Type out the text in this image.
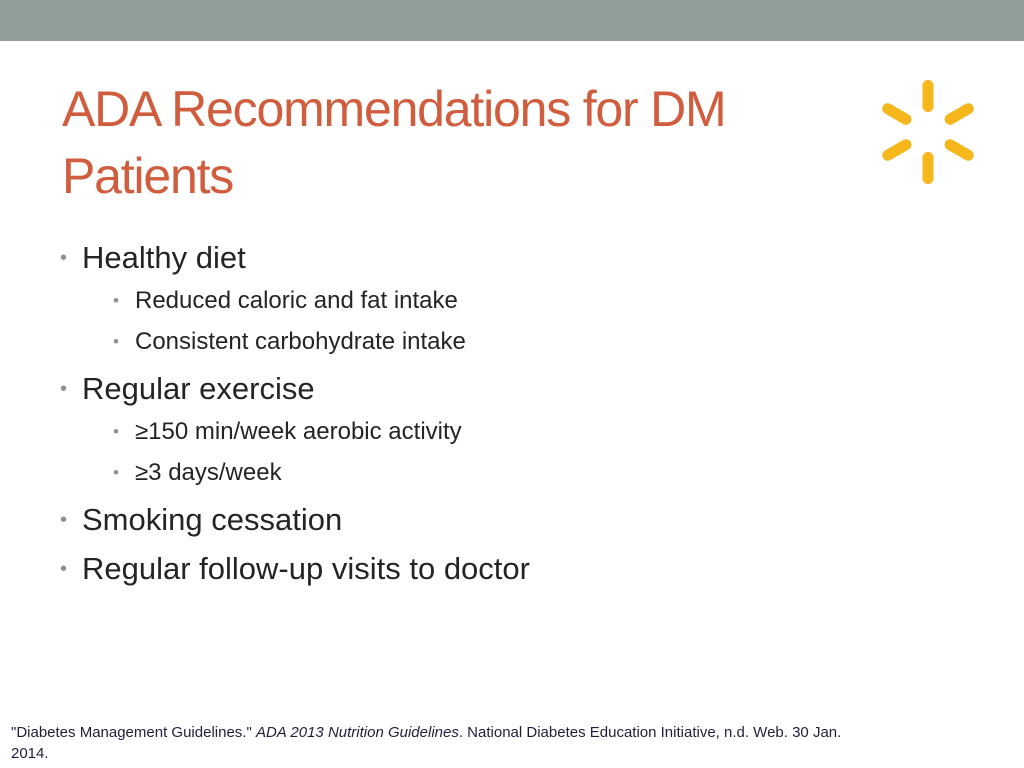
ADA Recommendations for DM Patients
• Healthy diet
• Reduced caloric and fat intake
• Consistent carbohydrate intake
• Regular exercise
• ≥150 min/week aerobic activity
• ≥3 days/week
• Smoking cessation
• Regular follow-up visits to doctor
"Diabetes Management Guidelines." ADA 2013 Nutrition Guidelines. National Diabetes Education Initiative, n.d. Web. 30 Jan. 2014.
